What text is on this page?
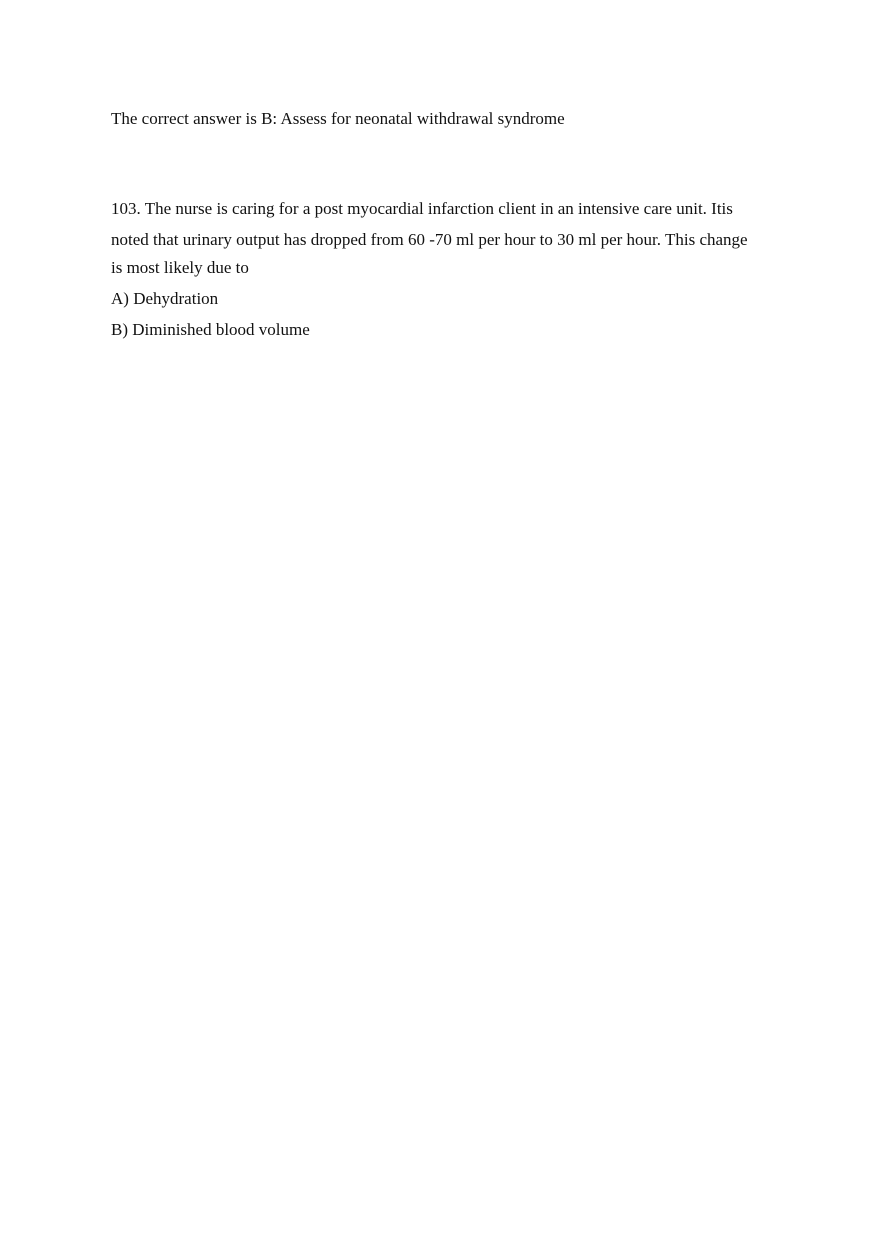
The correct answer is B: Assess for neonatal withdrawal syndrome
103. The nurse is caring for a post myocardial infarction client in an intensive care unit. Itis
noted that urinary output has dropped from 60 -70 ml per hour to 30 ml per hour. This change
is most likely due to
A) Dehydration
B) Diminished blood volume
